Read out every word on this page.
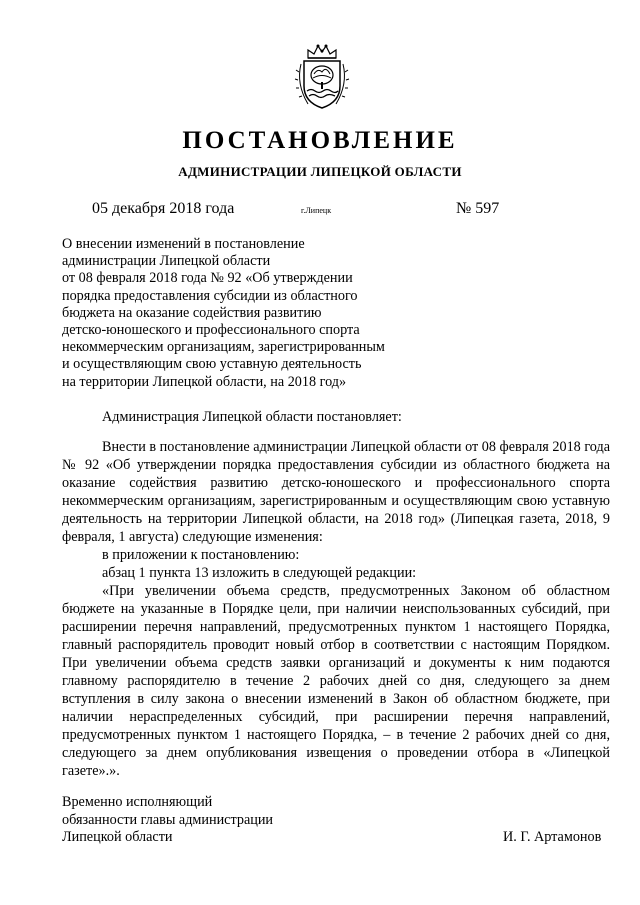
ПОСТАНОВЛЕНИЕ
АДМИНИСТРАЦИИ ЛИПЕЦКОЙ ОБЛАСТИ
05 декабря 2018 года	г.Липецк	№ 597
О внесении изменений в постановление
администрации Липецкой области
от 08 февраля 2018 года № 92 «Об утверждении
порядка предоставления субсидии из областного
бюджета на оказание содействия развитию
детско-юношеского и профессионального спорта
некоммерческим организациям, зарегистрированным
и осуществляющим свою уставную деятельность
на территории Липецкой области, на 2018 год»
Администрация Липецкой области постановляет:

Внести в постановление администрации Липецкой области от 08 февраля 2018 года № 92 «Об утверждении порядка предоставления субсидии из областного бюджета на оказание содействия развитию детско-юношеского и профессионального спорта некоммерческим организациям, зарегистрированным и осуществляющим свою уставную деятельность на территории Липецкой области, на 2018 год» (Липецкая газета, 2018, 9 февраля, 1 августа) следующие изменения:

в приложении к постановлению:

абзац 1 пункта 13 изложить в следующей редакции:

«При увеличении объема средств, предусмотренных Законом об областном бюджете на указанные в Порядке цели, при наличии неиспользованных субсидий, при расширении перечня направлений, предусмотренных пунктом 1 настоящего Порядка, главный распорядитель проводит новый отбор в соответствии с настоящим Порядком. При увеличении объема средств заявки организаций и документы к ним подаются главному распорядителю в течение 2 рабочих дней со дня, следующего за днем вступления в силу закона о внесении изменений в Закон об областном бюджете, при наличии нераспределенных субсидий, при расширении перечня направлений, предусмотренных пунктом 1 настоящего Порядка, – в течение 2 рабочих дней со дня, следующего за днем опубликования извещения о проведении отбора в «Липецкой газете».».

Временно исполняющий
обязанности главы администрации
Липецкой области	И. Г. Артамонов
